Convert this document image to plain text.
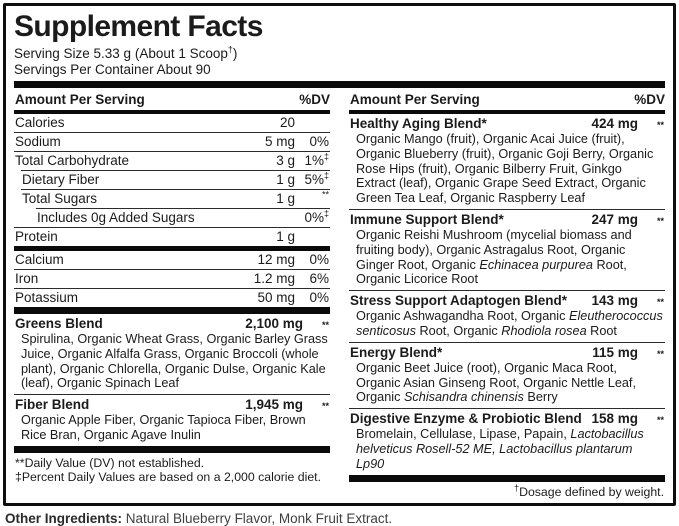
Supplement Facts
Serving Size 5.33 g (About 1 Scoop†)
Servings Per Container About 90
Amount Per Serving	%DV
Calories	20
Sodium	5 mg	0%
Total Carbohydrate	3 g 1%‡
Dietary Fiber	1 g 5%‡
Total Sugars	1 g	**
Includes 0g Added Sugars	0%‡
Protein	1 g
Calcium	12 mg	0%
Iron	1.2 mg	6%
Potassium	50 mg	0%
Greens Blend	2,100 mg	**
Spirulina, Organic Wheat Grass, Organic Barley Grass Juice, Organic Alfalfa Grass, Organic Broccoli (whole plant), Organic Chlorella, Organic Dulse, Organic Kale (leaf), Organic Spinach Leaf
Fiber Blend	1,945 mg	**
Organic Apple Fiber, Organic Tapioca Fiber, Brown Rice Bran, Organic Agave Inulin
**Daily Value (DV) not established.
‡Percent Daily Values are based on a 2,000 calorie diet.
Amount Per Serving	%DV
Healthy Aging Blend*	424 mg	**
Organic Mango (fruit), Organic Acai Juice (fruit), Organic Blueberry (fruit), Organic Goji Berry, Organic Rose Hips (fruit), Organic Bilberry Fruit, Ginkgo Extract (leaf), Organic Grape Seed Extract, Organic Green Tea Leaf, Organic Raspberry Leaf
Immune Support Blend*	247 mg	**
Organic Reishi Mushroom (mycelial biomass and fruiting body), Organic Astragalus Root, Organic Ginger Root, Organic Echinacea purpurea Root, Organic Licorice Root
Stress Support Adaptogen Blend*	143 mg	**
Organic Ashwagandha Root, Organic Eleutherococcus senticosus Root, Organic Rhodiola rosea Root
Energy Blend*	115 mg	**
Organic Beet Juice (root), Organic Maca Root, Organic Asian Ginseng Root, Organic Nettle Leaf, Organic Schisandra chinensis Berry
Digestive Enzyme & Probiotic Blend 158 mg	**
Bromelain, Cellulase, Lipase, Papain, Lactobacillus helveticus Rosell-52 ME, Lactobacillus plantarum Lp90
†Dosage defined by weight.
Other Ingredients: Natural Blueberry Flavor, Monk Fruit Extract.
